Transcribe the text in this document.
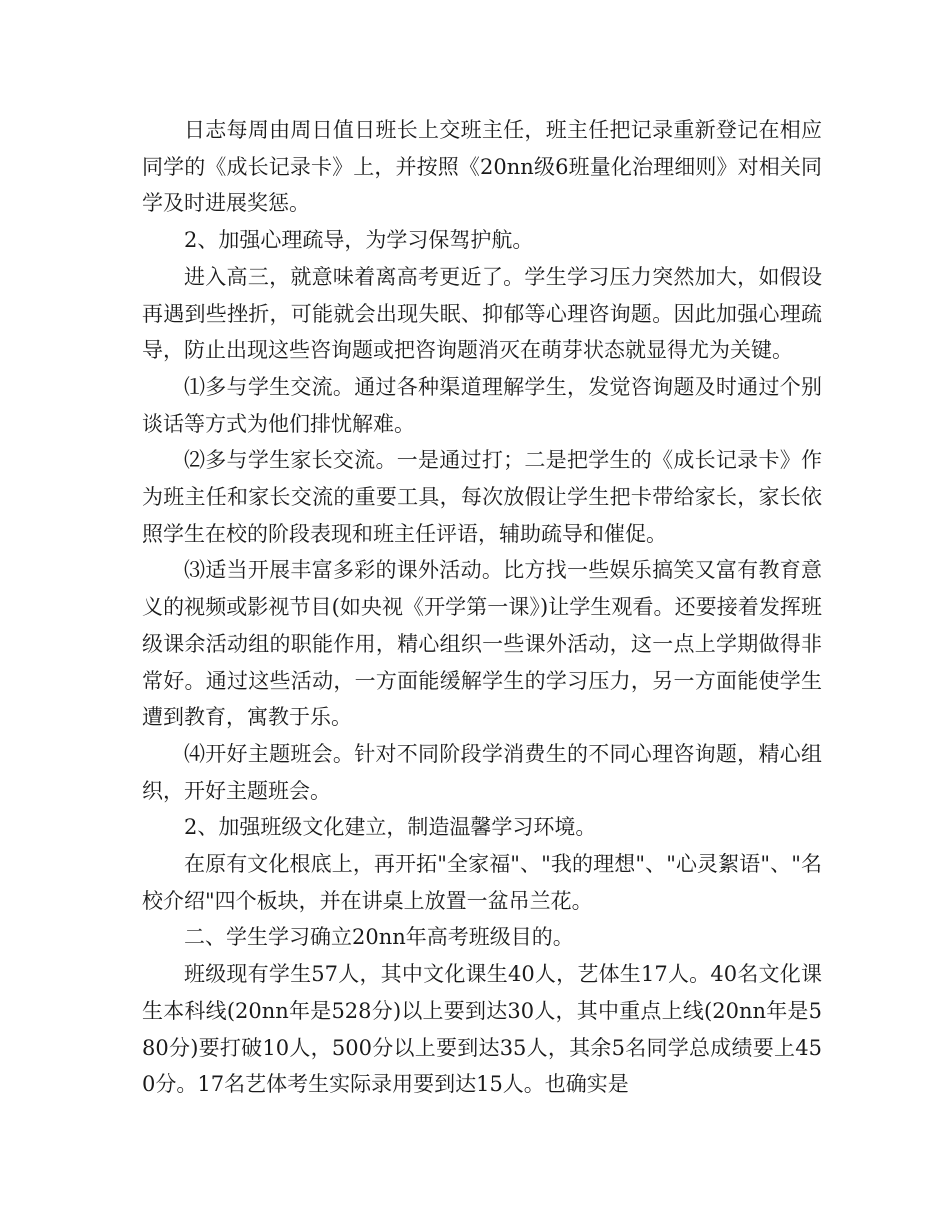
日志每周由周日值日班长上交班主任，班主任把记录重新登记在相应同学的《成长记录卡》上，并按照《20nn级6班量化治理细则》对相关同学及时进展奖惩。

2、加强心理疏导，为学习保驾护航。

进入高三，就意味着离高考更近了。学生学习压力突然加大，如假设再遇到些挫折，可能就会出现失眠、抑郁等心理咨询题。因此加强心理疏导，防止出现这些咨询题或把咨询题消灭在萌芽状态就显得尤为关键。

⑴多与学生交流。通过各种渠道理解学生，发觉咨询题及时通过个别谈话等方式为他们排忧解难。

⑵多与学生家长交流。一是通过打；二是把学生的《成长记录卡》作为班主任和家长交流的重要工具，每次放假让学生把卡带给家长，家长依照学生在校的阶段表现和班主任评语，辅助疏导和催促。

⑶适当开展丰富多彩的课外活动。比方找一些娱乐搞笑又富有教育意义的视频或影视节目(如央视《开学第一课》)让学生观看。还要接着发挥班级课余活动组的职能作用，精心组织一些课外活动，这一点上学期做得非常好。通过这些活动，一方面能缓解学生的学习压力，另一方面能使学生遭到教育，寓教于乐。

⑷开好主题班会。针对不同阶段学消费生的不同心理咨询题，精心组织，开好主题班会。

2、加强班级文化建立，制造温馨学习环境。

在原有文化根底上，再开拓"全家福"、"我的理想"、"心灵絮语"、"名校介绍"四个板块，并在讲桌上放置一盆吊兰花。

二、学生学习确立20nn年高考班级目的。

班级现有学生57人，其中文化课生40人，艺体生17人。40名文化课生本科线(20nn年是528分)以上要到达30人，其中重点上线(20nn年是580分)要打破10人，500分以上要到达35人，其余5名同学总成绩要上450分。17名艺体考生实际录用要到达15人。也确实是
